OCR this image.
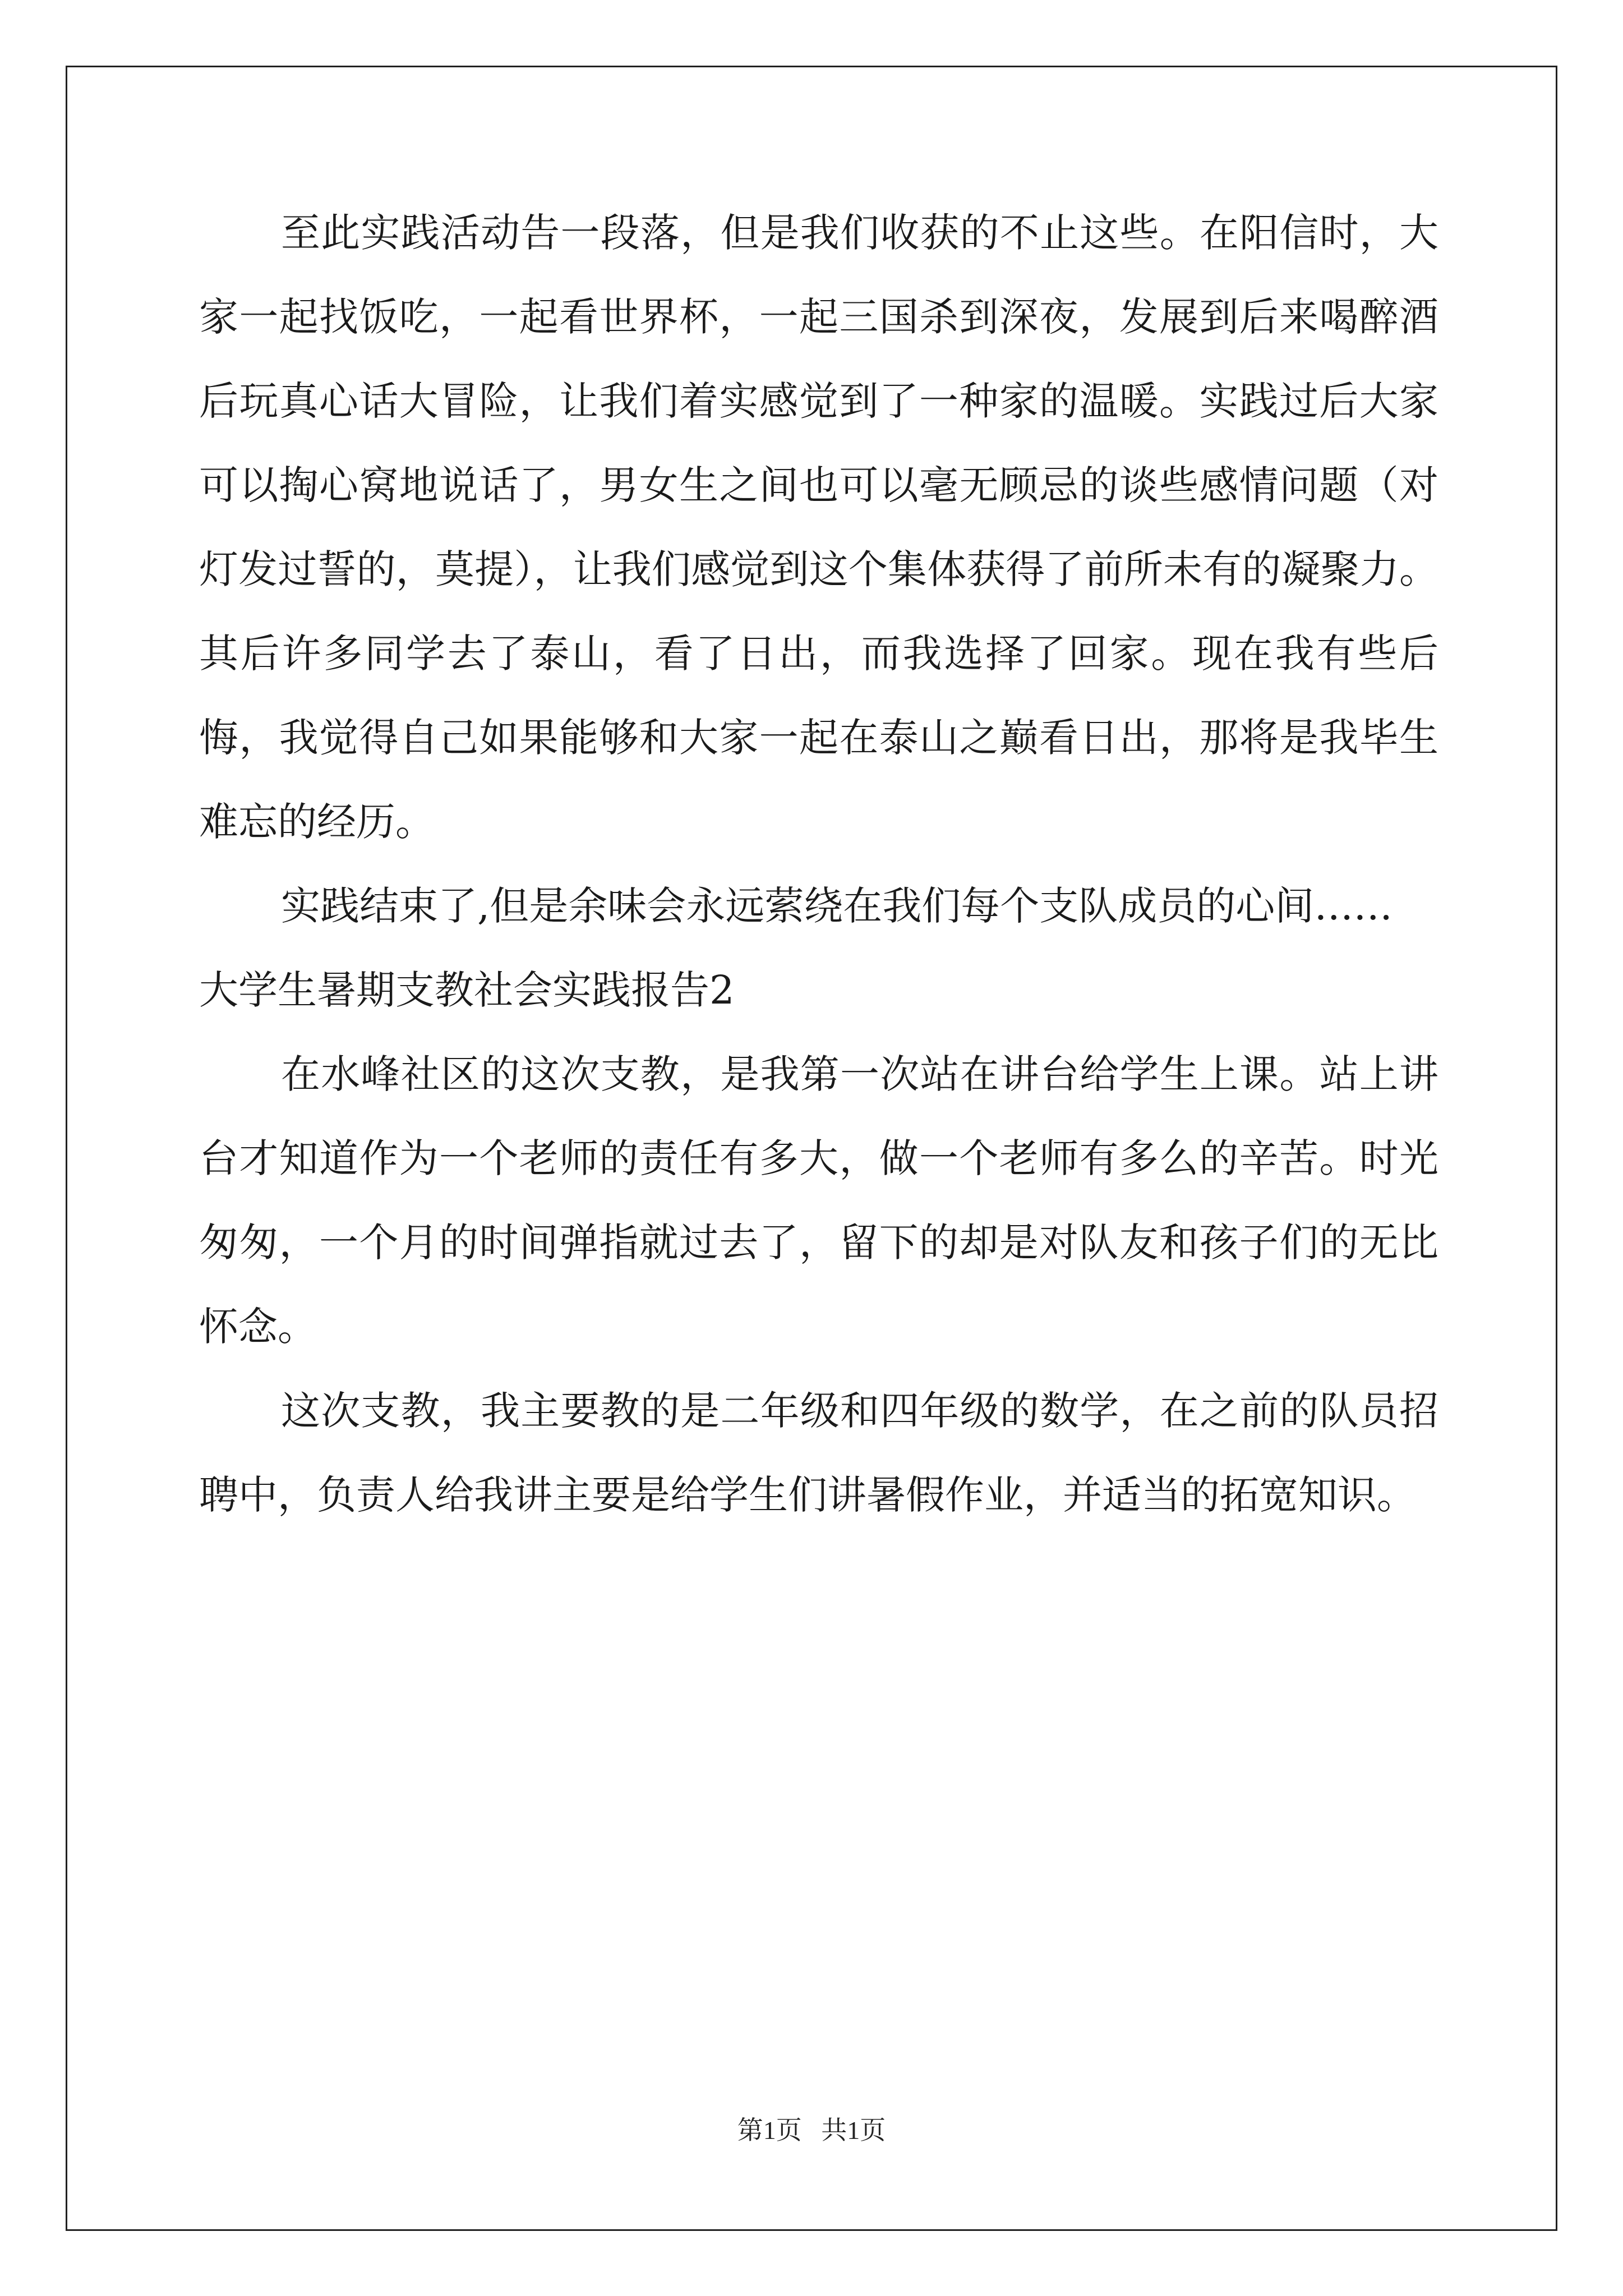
至此实践活动告一段落，但是我们收获的不止这些。在阳信时，大家一起找饭吃，一起看世界杯，一起三国杀到深夜，发展到后来喝醉酒后玩真心话大冒险，让我们着实感觉到了一种家的温暖。实践过后大家可以掏心窝地说话了，男女生之间也可以毫无顾忌的谈些感情问题（对灯发过誓的，莫提），让我们感觉到这个集体获得了前所未有的凝聚力。其后许多同学去了泰山，看了日出，而我选择了回家。现在我有些后悔，我觉得自己如果能够和大家一起在泰山之巅看日出，那将是我毕生难忘的经历。

实践结束了,但是余味会永远萦绕在我们每个支队成员的心间……

大学生暑期支教社会实践报告2

在水峰社区的这次支教，是我第一次站在讲台给学生上课。站上讲台才知道作为一个老师的责任有多大，做一个老师有多么的辛苦。时光匆匆，一个月的时间弹指就过去了，留下的却是对队友和孩子们的无比怀念。

这次支教，我主要教的是二年级和四年级的数学，在之前的队员招聘中，负责人给我讲主要是给学生们讲暑假作业，并适当的拓宽知识。

第1页 共1页
